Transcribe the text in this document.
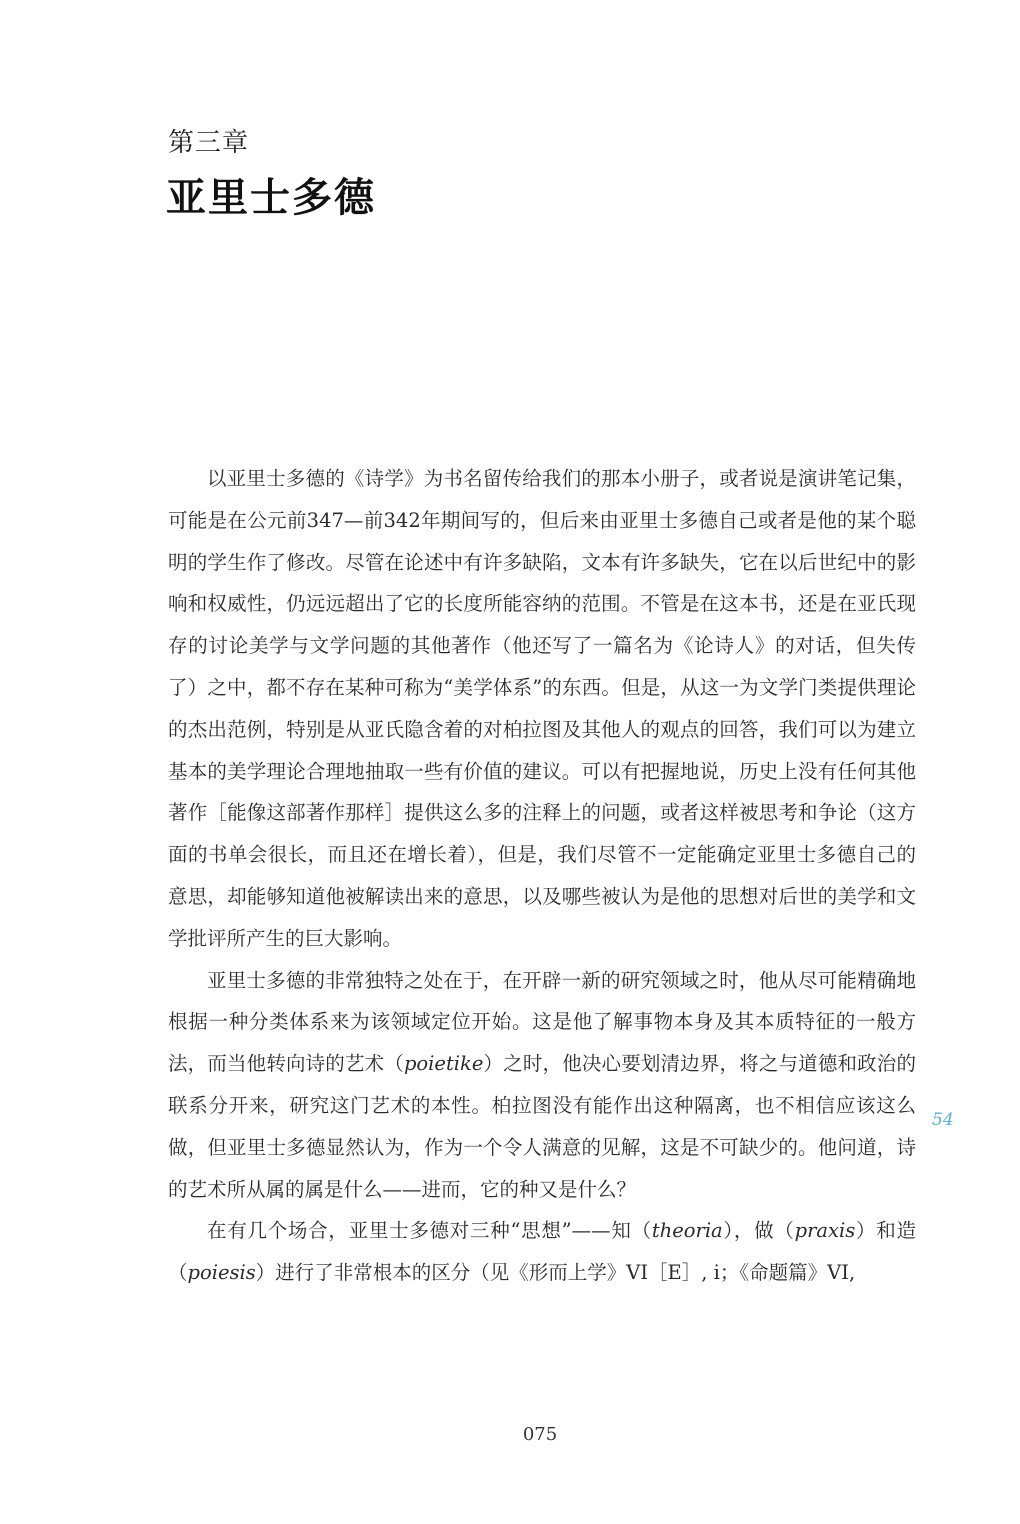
第三章
亚里士多德

以亚里士多德的《诗学》为书名留传给我们的那本小册子，或者说是演讲笔记集，可能是在公元前347—前342年期间写的，但后来由亚里士多德自己或者是他的某个聪明的学生作了修改。尽管在论述中有许多缺陷，文本有许多缺失，它在以后世纪中的影响和权威性，仍远远超出了它的长度所能容纳的范围。不管是在这本书，还是在亚氏现存的讨论美学与文学问题的其他著作（他还写了一篇名为《论诗人》的对话，但失传了）之中，都不存在某种可称为“美学体系”的东西。但是，从这一为文学门类提供理论的杰出范例，特别是从亚氏隐含着的对柏拉图及其他人的观点的回答，我们可以为建立基本的美学理论合理地抽取一些有价值的建议。可以有把握地说，历史上没有任何其他著作［能像这部著作那样］提供这么多的注释上的问题，或者这样被思考和争论（这方面的书单会很长，而且还在增长着），但是，我们尽管不一定能确定亚里士多德自己的意思，却能够知道他被解读出来的意思，以及哪些被认为是他的思想对后世的美学和文学批评所产生的巨大影响。

亚里士多德的非常独特之处在于，在开辟一新的研究领域之时，他从尽可能精确地根据一种分类体系来为该领域定位开始。这是他了解事物本身及其本质特征的一般方法，而当他转向诗的艺术（poietike）之时，他决心要划清边界，将之与道德和政治的联系分开来，研究这门艺术的本性。柏拉图没有能作出这种隔离，也不相信应该这么做，但亚里士多德显然认为，作为一个令人满意的见解，这是不可缺少的。他问道，诗的艺术所从属的属是什么——进而，它的种又是什么？

在有几个场合，亚里士多德对三种“思想”——知（theoria），做（praxis）和造（poiesis）进行了非常根本的区分（见《形而上学》VI［E］, i；《命题篇》VI,

54
075
